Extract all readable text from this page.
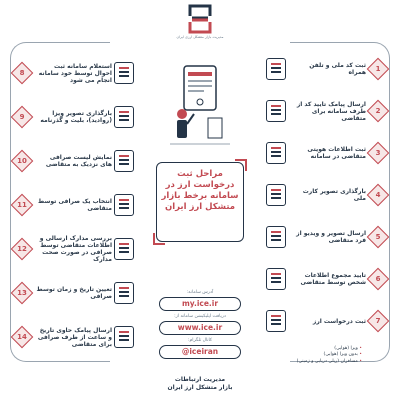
مدیریت بازار متشکل ارزی ایران
مراحل ثبت درخواست ارز در سامانه برخط بازار متشکل ارز ایران
1
ثبت کد ملی و تلفن همراه
2
ارسال پیامک تایید کد از طرف سامانه برای متقاضی
3
ثبت اطلاعات هویتی متقاضی در سامانه
4
بارگذاری تصویر کارت ملی
5
ارسال تصویر و ویدیو از فرد متقاضی
6
تایید مجموع اطلاعات شخص توسط متقاضی
7
ثبت درخواست ارز
8
استعلام سامانه ثبت احوال توسط خود سامانه انجام می شود
9	بارگذاری تصویر ویزا (روادید)، بلیت و گذرنامه
10	نمایش لیست صرافی های نزدیک به متقاضی
11	انتخاب یک صرافی توسط متقاضی
12
بررسی مدارک ارسالی و اطلاعات متقاضی توسط صرافی در صورت صحت مدارک
13	تعیین تاریخ و زمان توسط صرافی
14
ارسال پیامک حاوی تاریخ و ساعت از طرف صرافی برای متقاضی
آدرس سامانه:
my.ice.ir
دریافت اپلیکیشن سامانه از:
www.ice.ir
کانال تلگرام:
@iceiran
•	ویزا (هوایی)
• بدون ویزا (هوایی)
• مسافران (ریلی دریایی و زمینی)
مدیریت ارتباطات
بازار متشکل ارز ایران
